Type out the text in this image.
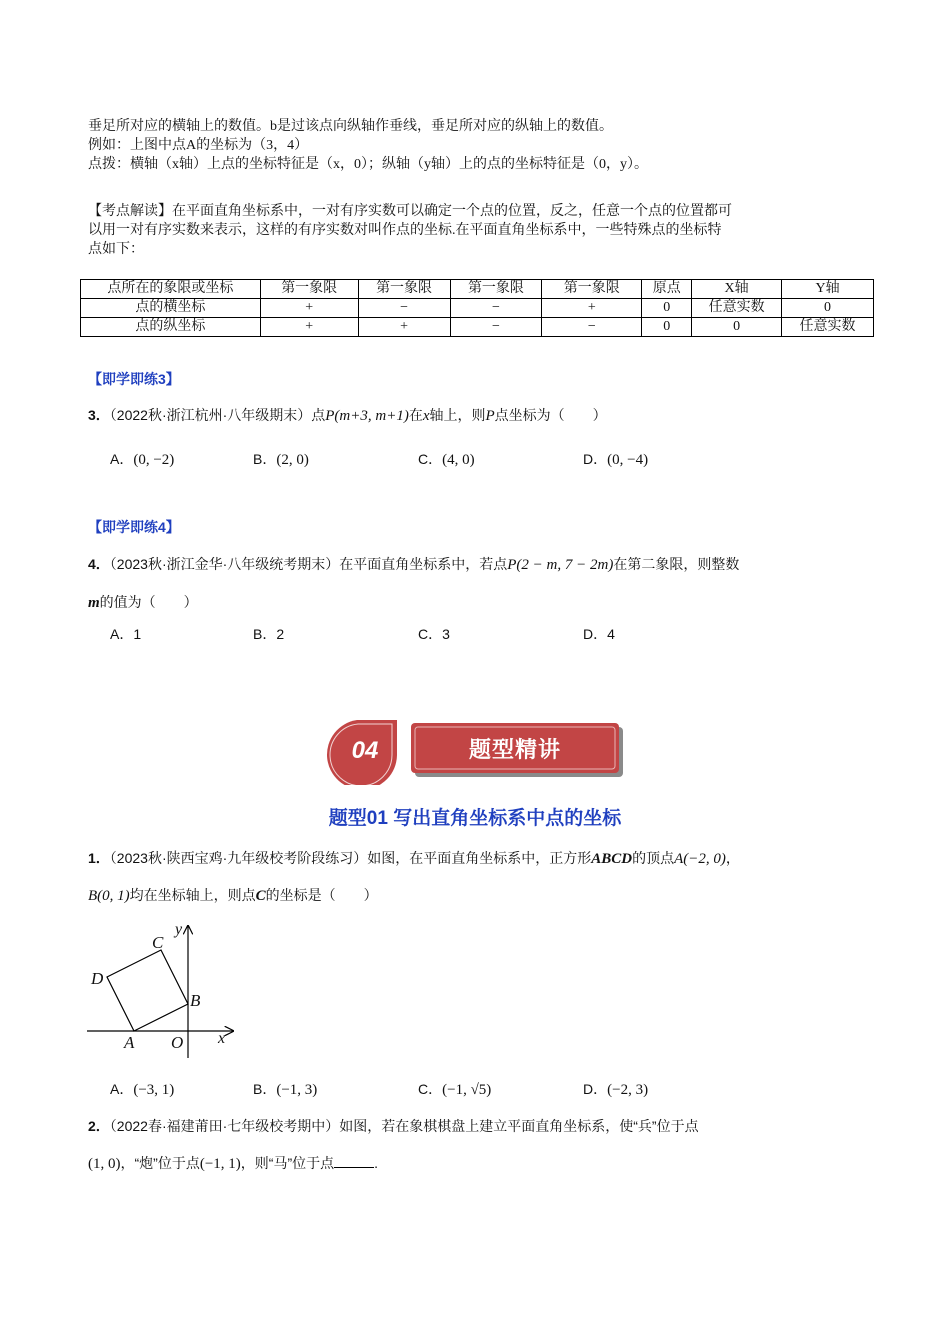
垂足所对应的横轴上的数值。b是过该点向纵轴作垂线，垂足所对应的纵轴上的数值。
例如：上图中点A的坐标为（3，4）
点拨：横轴（x轴）上点的坐标特征是（x，0）；纵轴（y轴）上的点的坐标特征是（0，y）。
【考点解读】在平面直角坐标系中，一对有序实数可以确定一个点的位置，反之，任意一个点的位置都可
以用一对有序实数来表示，这样的有序实数对叫作点的坐标.在平面直角坐标系中，一些特殊点的坐标特
点如下：
点所在的象限或坐标	第一象限	第一象限	第一象限	第一象限	原点	X轴	Y轴
点的横坐标	+	−	−	+	0	任意实数	0
点的纵坐标	+	+	−	−	0	0	任意实数
【即学即练3】
3．（2022秋·浙江杭州·八年级期末）点P(m+3, m+1)在x轴上，则P点坐标为（　　）
A．(0, −2)	B．(2, 0)	C．(4, 0)	D．(0, −4)
【即学即练4】
4．（2023秋·浙江金华·八年级统考期末）在平面直角坐标系中，若点P(2 − m, 7 − 2m)在第二象限，则整数
m的值为（　　）
A．1	B．2	C．3	D．4
04	题型精讲
题型01 写出直角坐标系中点的坐标
1．（2023秋·陕西宝鸡·九年级校考阶段练习）如图，在平面直角坐标系中，正方形ABCD的顶点A(−2, 0)，
B(0, 1)均在坐标轴上，则点C的坐标是（　　）
C
y
D
B
A O x
A．(−3, 1)	B．(−1, 3)	C．(−1, √5)	D．(−2, 3)
2．（2022春·福建莆田·七年级校考期中）如图，若在象棋棋盘上建立平面直角坐标系，使“兵”位于点
(1, 0)，“炮”位于点(−1, 1)，则“马”位于点	.
